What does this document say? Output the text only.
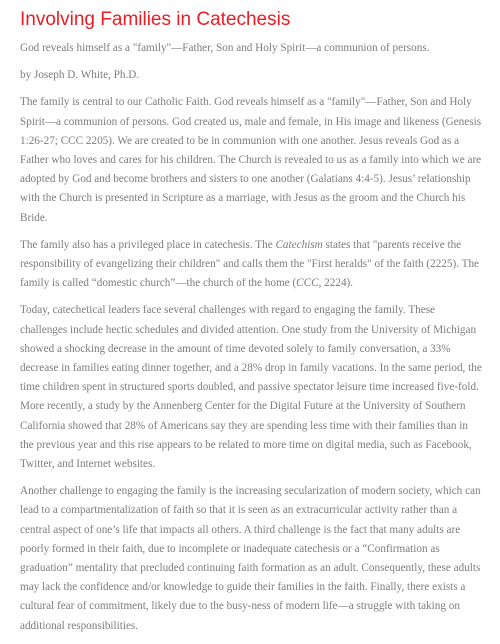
Involving Families in Catechesis

God reveals himself as a "family"—Father, Son and Holy Spirit—a communion of persons.

by Joseph D. White, Ph.D.

The family is central to our Catholic Faith. God reveals himself as a "family"—Father, Son and Holy Spirit—a communion of persons. God created us, male and female, in His image and likeness (Genesis 1:26-27; CCC 2205). We are created to be in communion with one another. Jesus reveals God as a Father who loves and cares for his children. The Church is revealed to us as a family into which we are adopted by God and become brothers and sisters to one another (Galatians 4:4-5). Jesus’ relationship with the Church is presented in Scripture as a marriage, with Jesus as the groom and the Church his Bride.

The family also has a privileged place in catechesis. The Catechism states that "parents receive the responsibility of evangelizing their children" and calls them the "First heralds" of the faith (2225). The family is called “domestic church”—the church of the home (CCC, 2224).

Today, catechetical leaders face several challenges with regard to engaging the family. These challenges include hectic schedules and divided attention. One study from the University of Michigan showed a shocking decrease in the amount of time devoted solely to family conversation, a 33% decrease in families eating dinner together, and a 28% drop in family vacations. In the same period, the time children spent in structured sports doubled, and passive spectator leisure time increased five-fold. More recently, a study by the Annenberg Center for the Digital Future at the University of Southern California showed that 28% of Americans say they are spending less time with their families than in the previous year and this rise appears to be related to more time on digital media, such as Facebook, Twitter, and Internet websites.

Another challenge to engaging the family is the increasing secularization of modern society, which can lead to a compartmentalization of faith so that it is seen as an extracurricular activity rather than a central aspect of one’s life that impacts all others. A third challenge is the fact that many adults are poorly formed in their faith, due to incomplete or inadequate catechesis or a “Confirmation as graduation” mentality that precluded continuing faith formation as an adult. Consequently, these adults may lack the confidence and/or knowledge to guide their families in the faith. Finally, there exists a cultural fear of commitment, likely due to the busy-ness of modern life—a struggle with taking on additional responsibilities.
